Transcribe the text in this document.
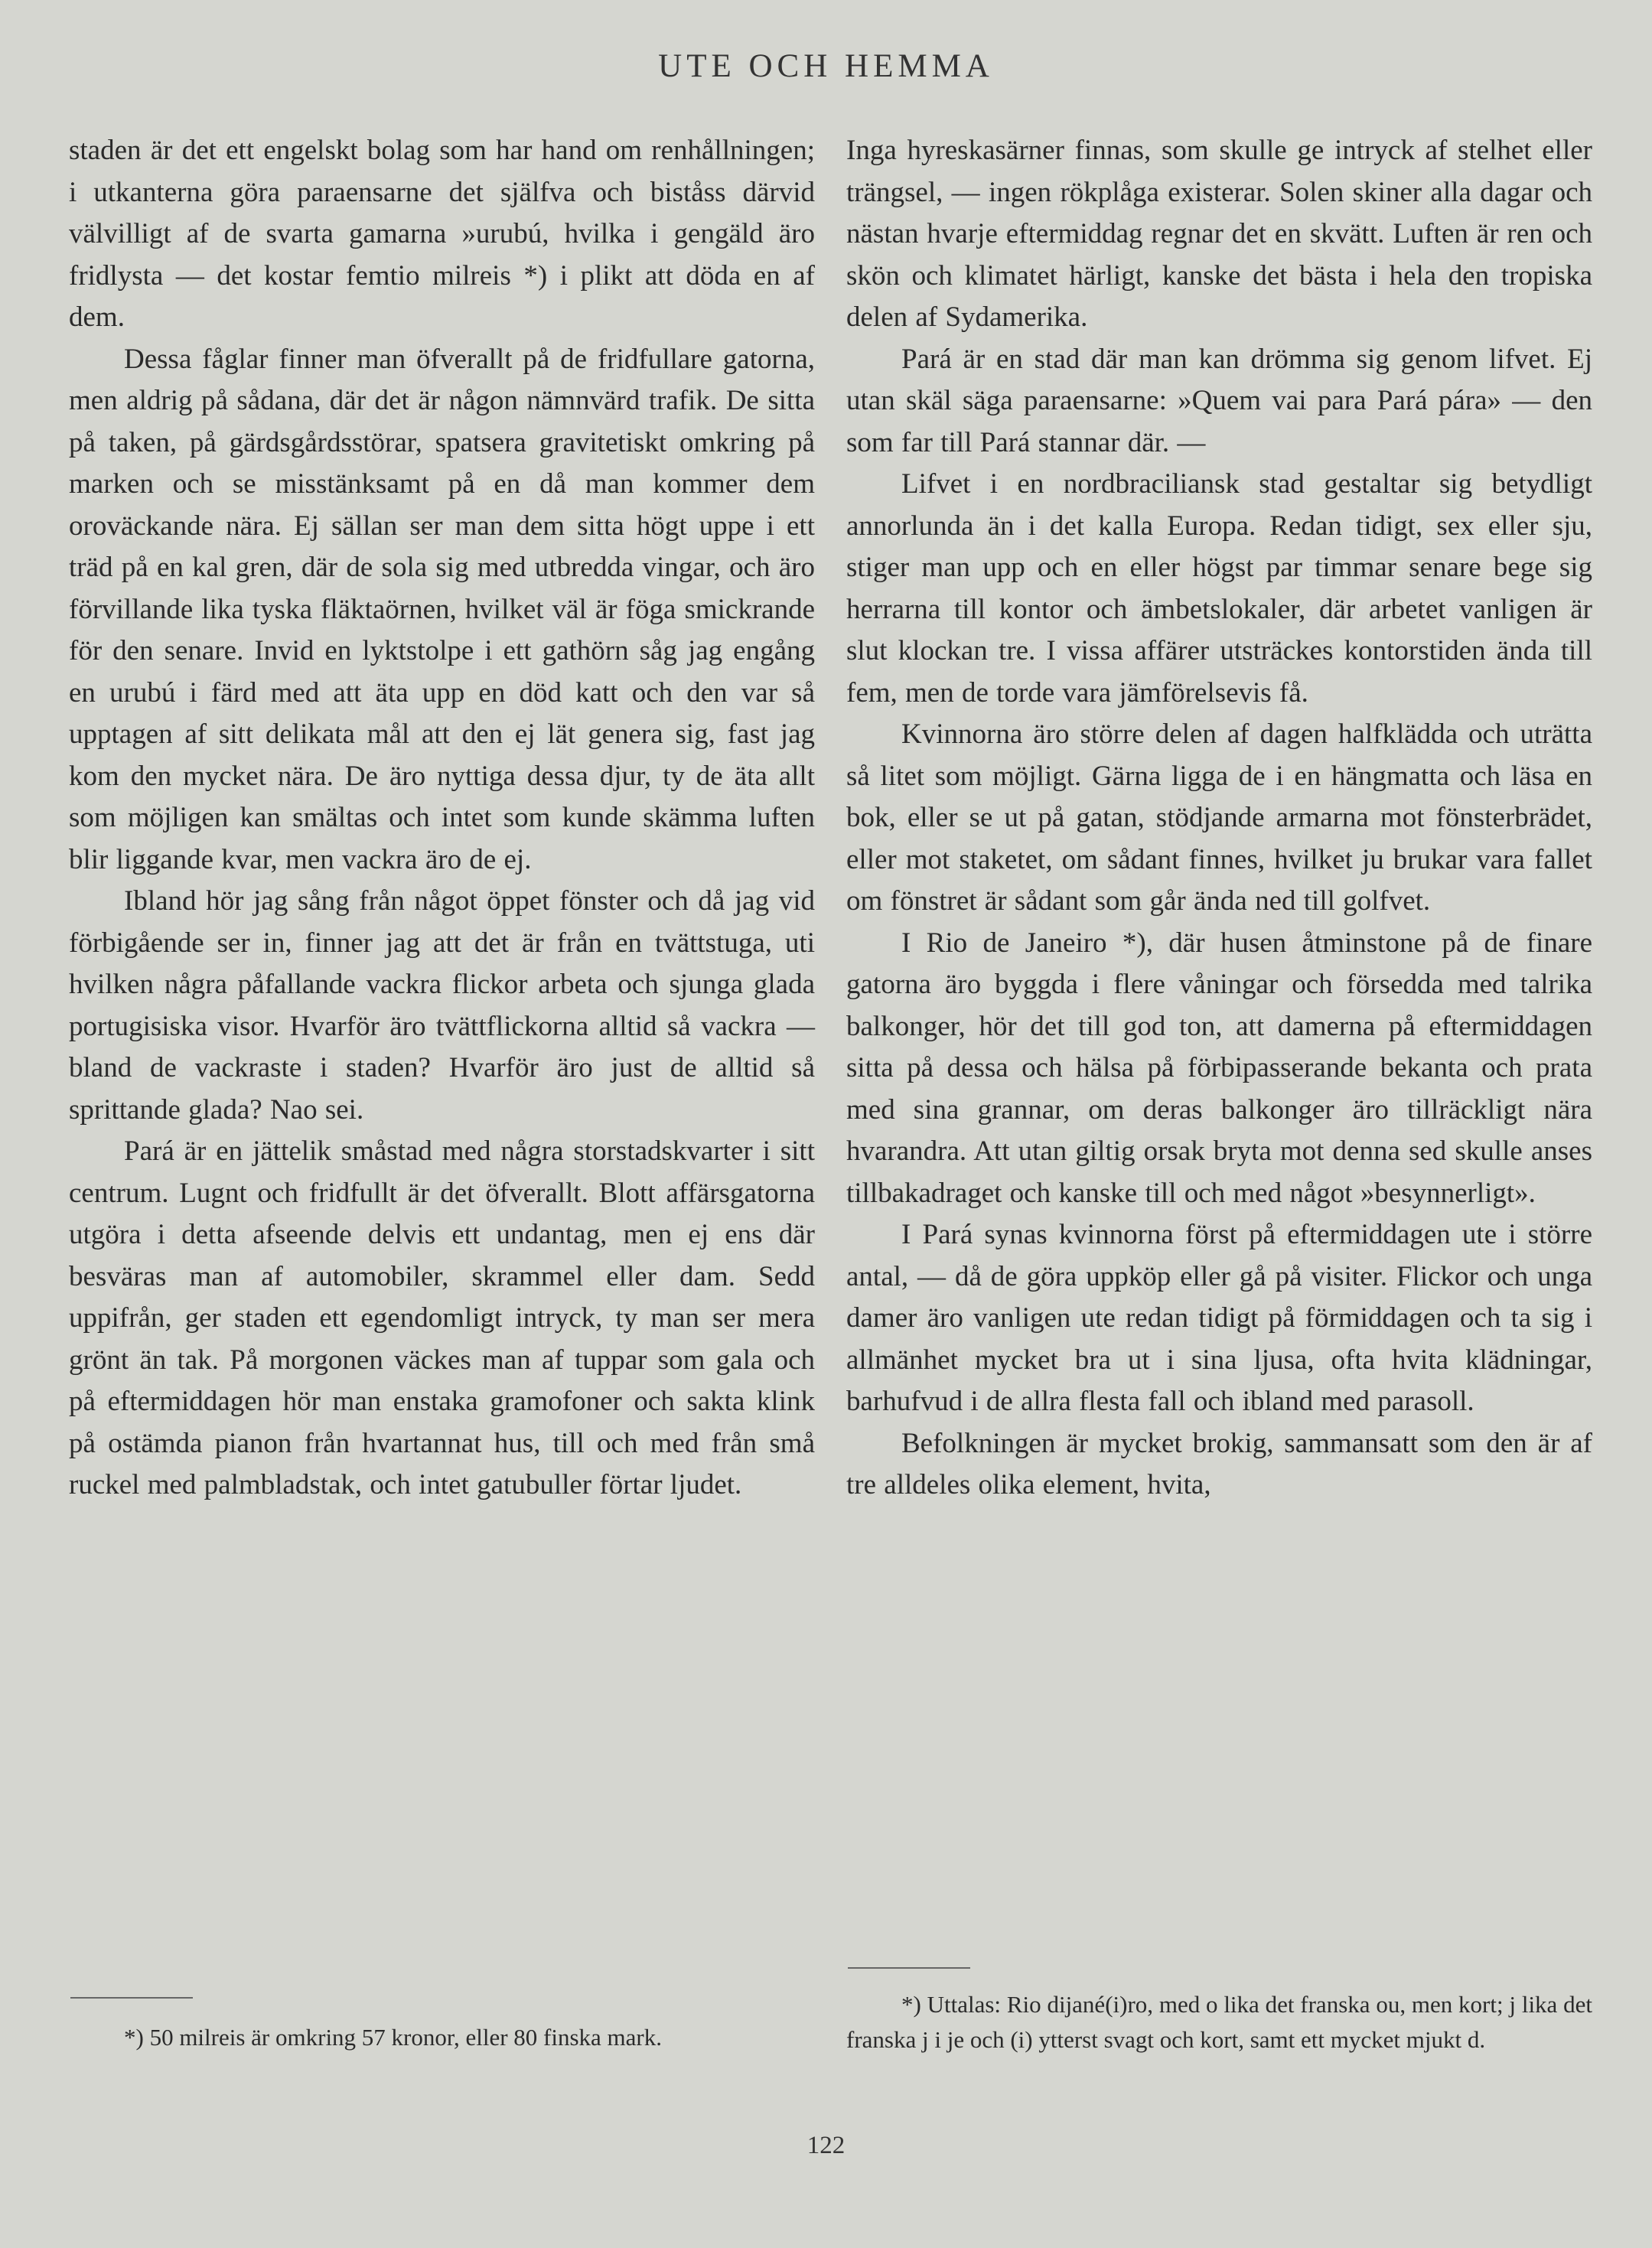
UTE OCH HEMMA

staden är det ett engelskt bolag som har hand om renhållningen; i utkanterna göra paraensarne det själfva och biståss därvid välvilligt af de svarta gamarna »urubú, hvilka i gengäld äro fridlysta — det kostar femtio milreis *) i plikt att döda en af dem.

Dessa fåglar finner man öfverallt på de fridfullare gatorna, men aldrig på sådana, där det är någon nämnvärd trafik. De sitta på taken, på gärdsgårdsstörar, spatsera gravitetiskt omkring på marken och se misstänksamt på en då man kommer dem oroväckande nära. Ej sällan ser man dem sitta högt uppe i ett träd på en kal gren, där de sola sig med utbredda vingar, och äro förvillande lika tyska fläktaörnen, hvilket väl är föga smickrande för den senare. Invid en lyktstolpe i ett gathörn såg jag engång en urubú i färd med att äta upp en död katt och den var så upptagen af sitt delikata mål att den ej lät genera sig, fast jag kom den mycket nära. De äro nyttiga dessa djur, ty de äta allt som möjligen kan smältas och intet som kunde skämma luften blir liggande kvar, men vackra äro de ej.

Ibland hör jag sång från något öppet fönster och då jag vid förbigående ser in, finner jag att det är från en tvättstuga, uti hvilken några påfallande vackra flickor arbeta och sjunga glada portugisiska visor. Hvarför äro tvättflickorna alltid så vackra — bland de vackraste i staden? Hvarför äro just de alltid så sprittande glada? Nao sei.

Pará är en jättelik småstad med några storstadskvarter i sitt centrum. Lugnt och fridfullt är det öfverallt. Blott affärsgatorna utgöra i detta afseende delvis ett undantag, men ej ens där besväras man af automobiler, skrammel eller dam. Sedd uppifrån, ger staden ett egendomligt intryck, ty man ser mera grönt än tak. På morgonen väckes man af tuppar som gala och på eftermiddagen hör man enstaka gramofoner och sakta klink på ostämda pianon från hvartannat hus, till och med från små ruckel med palmbladstak, och intet gatubuller förtar ljudet.

Inga hyreskasärner finnas, som skulle ge intryck af stelhet eller trängsel, — ingen rökplåga existerar. Solen skiner alla dagar och nästan hvarje eftermiddag regnar det en skvätt. Luften är ren och skön och klimatet härligt, kanske det bästa i hela den tropiska delen af Sydamerika.

Pará är en stad där man kan drömma sig genom lifvet. Ej utan skäl säga paraensarne: »Quem vai para Pará pára» — den som far till Pará stannar där. —

Lifvet i en nordbraciliansk stad gestaltar sig betydligt annorlunda än i det kalla Europa. Redan tidigt, sex eller sju, stiger man upp och en eller högst par timmar senare bege sig herrarna till kontor och ämbetslokaler, där arbetet vanligen är slut klockan tre. I vissa affärer utsträckes kontorstiden ända till fem, men de torde vara jämförelsevis få.

Kvinnorna äro större delen af dagen halfklädda och uträtta så litet som möjligt. Gärna ligga de i en hängmatta och läsa en bok, eller se ut på gatan, stödjande armarna mot fönsterbrädet, eller mot staketet, om sådant finnes, hvilket ju brukar vara fallet om fönstret är sådant som går ända ned till golfvet.

I Rio de Janeiro *), där husen åtminstone på de finare gatorna äro byggda i flere våningar och försedda med talrika balkonger, hör det till god ton, att damerna på eftermiddagen sitta på dessa och hälsa på förbipasserande bekanta och prata med sina grannar, om deras balkonger äro tillräckligt nära hvarandra. Att utan giltig orsak bryta mot denna sed skulle anses tillbakadraget och kanske till och med något »besynnerligt».

I Pará synas kvinnorna först på eftermiddagen ute i större antal, — då de göra uppköp eller gå på visiter. Flickor och unga damer äro vanligen ute redan tidigt på förmiddagen och ta sig i allmänhet mycket bra ut i sina ljusa, ofta hvita klädningar, barhufvud i de allra flesta fall och ibland med parasoll.

Befolkningen är mycket brokig, sammansatt som den är af tre alldeles olika element, hvita,

*) 50 milreis är omkring 57 kronor, eller 80 finska mark.
*) Uttalas: Rio dijané(i)ro, med o lika det franska ou, men kort; j lika det franska j i je och (i) ytterst svagt och kort, samt ett mycket mjukt d.
122
